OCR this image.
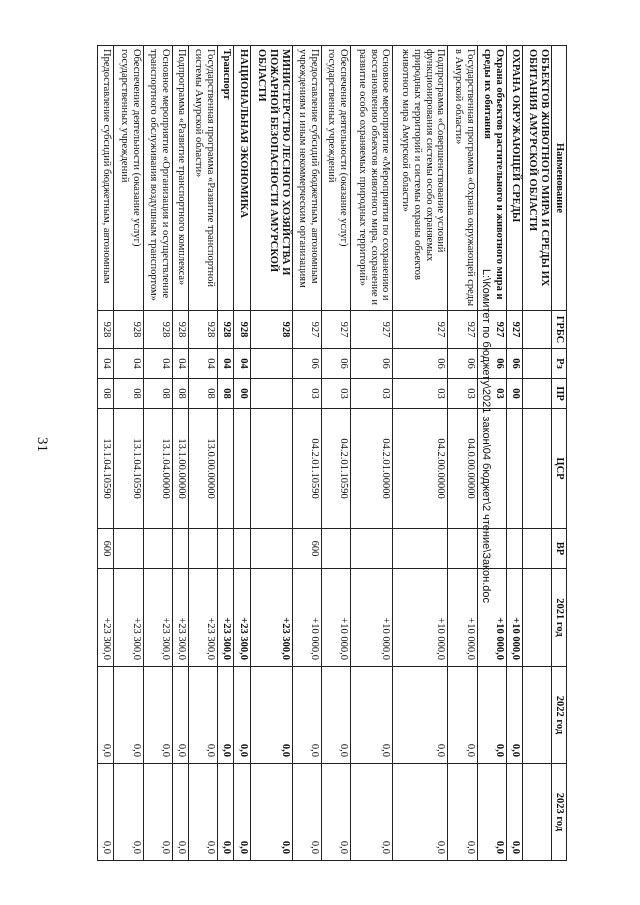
31
Наименование	ГРБС	Рз	ПР	ЦСР	ВР	2021 год	2022 год	2023 год
ОБЪЕКТОВ ЖИВОТНОГО МИРА И СРЕДЫ ИХ ОБИТАНИЯ АМУРСКОЙ ОБЛАСТИ								
ОХРАНА ОКРУЖАЮЩЕЙ СРЕДЫ	927	06	00			+10 000,0	0,0	0,0
Охрана объектов растительного и животного мира и среды их обитания	927	06	03			+10 000,0	0,0	0,0
Государственная программа «Охрана окружающей среды в Амурской области»	927	06	03	04.0.00.00000		+10 000,0	0,0	0,0
Подпрограмма «Совершенствование условий функционирования системы особо охраняемых природных территорий и системы охраны объектов животного мира Амурской области»	927	06	03	04.2.00.00000		+10 000,0	0,0	0,0
Основное мероприятие «Мероприятия по сохранению и восстановлению объектов животного мира, сохранение и развитие особо охраняемых природных территорий»	927	06	03	04.2.01.00000		+10 000,0	0,0	0,0
Обеспечение деятельности (оказание услуг) государственных учреждений	927	06	03	04.2.01.10590		+10 000,0	0,0	0,0
Предоставление субсидий бюджетным, автономным учреждениям и иным некоммерческим организациям	927	06	03	04.2.01.10590	600	+10 000,0	0,0	0,0
МИНИСТЕРСТВО ЛЕСНОГО ХОЗЯЙСТВА И ПОЖАРНОЙ БЕЗОПАСНОСТИ АМУРСКОЙ ОБЛАСТИ	928					+23 300,0	0,0	0,0
НАЦИОНАЛЬНАЯ ЭКОНОМИКА	928	04	00			+23 300,0	0,0	0,0
Транспорт	928	04	08			+23 300,0	0,0	0,0
Государственная программа «Развитие транспортной системы Амурской области»	928	04	08	13.0.00.00000		+23 300,0	0,0	0,0
Подпрограмма «Развитие транспортного комплекса»	928	04	08	13.1.00.00000		+23 300,0	0,0	0,0
Основное мероприятие «Организация и осуществление транспортного обслуживания воздушным транспортом»	928	04	08	13.1.04.00000		+23 300,0	0,0	0,0
Обеспечение деятельности (оказание услуг) государственных учреждений	928	04	08	13.1.04.10590		+23 300,0	0,0	0,0
Предоставление субсидий бюджетным, автономным	928	04	08	13.1.04.10590	600	+23 300,0	0,0	0,0
L:\Комитет по бюджету\2021 закон\04 бюджет\2 чтение\Закон.doc
